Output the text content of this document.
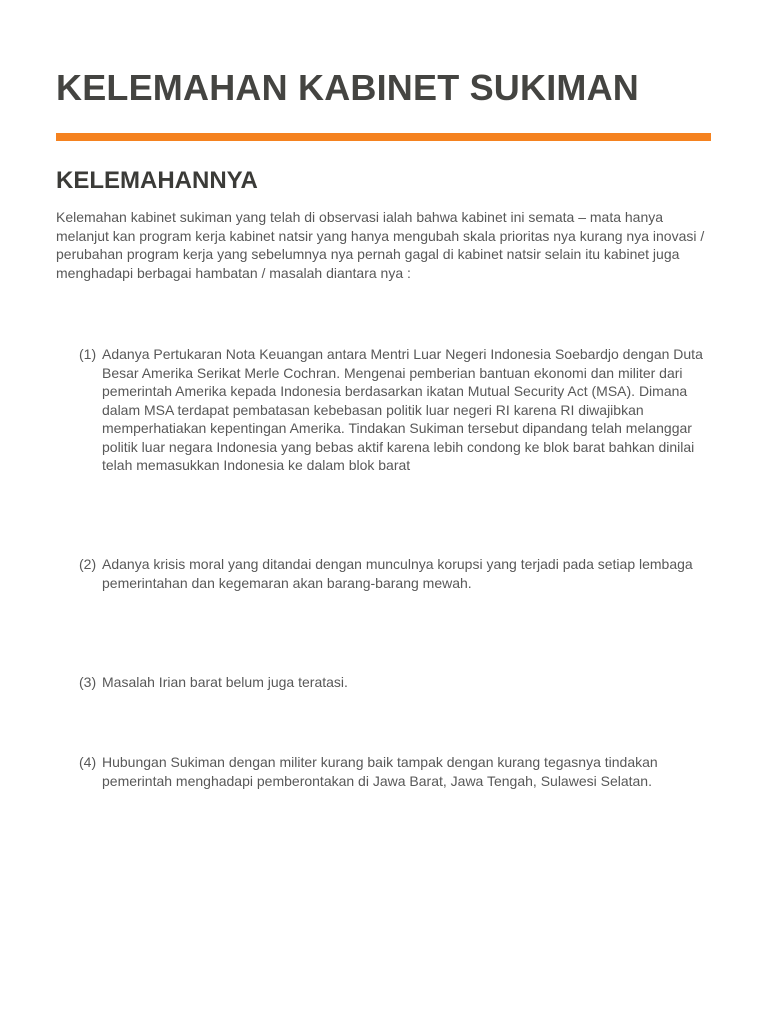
KELEMAHAN KABINET SUKIMAN
KELEMAHANNYA

Kelemahan kabinet sukiman yang telah di observasi ialah bahwa kabinet ini semata – mata hanya melanjut kan program kerja kabinet natsir yang hanya mengubah skala prioritas nya kurang nya inovasi / perubahan program kerja yang sebelumnya nya pernah gagal di kabinet natsir selain itu kabinet juga menghadapi berbagai hambatan / masalah diantara nya :

(1) Adanya Pertukaran Nota Keuangan antara Mentri Luar Negeri Indonesia Soebardjo dengan Duta Besar Amerika Serikat Merle Cochran. Mengenai pemberian bantuan ekonomi dan militer dari pemerintah Amerika kepada Indonesia berdasarkan ikatan Mutual Security Act (MSA). Dimana dalam MSA terdapat pembatasan kebebasan politik luar negeri RI karena RI diwajibkan memperhatiakan kepentingan Amerika. Tindakan Sukiman tersebut dipandang telah melanggar politik luar negara Indonesia yang bebas aktif karena lebih condong ke blok barat bahkan dinilai telah memasukkan Indonesia ke dalam blok barat
(2) Adanya krisis moral yang ditandai dengan munculnya korupsi yang terjadi pada setiap lembaga pemerintahan dan kegemaran akan barang-barang mewah.
(3) Masalah Irian barat belum juga teratasi.
(4) Hubungan Sukiman dengan militer kurang baik tampak dengan kurang tegasnya tindakan pemerintah menghadapi pemberontakan di Jawa Barat, Jawa Tengah, Sulawesi Selatan.
